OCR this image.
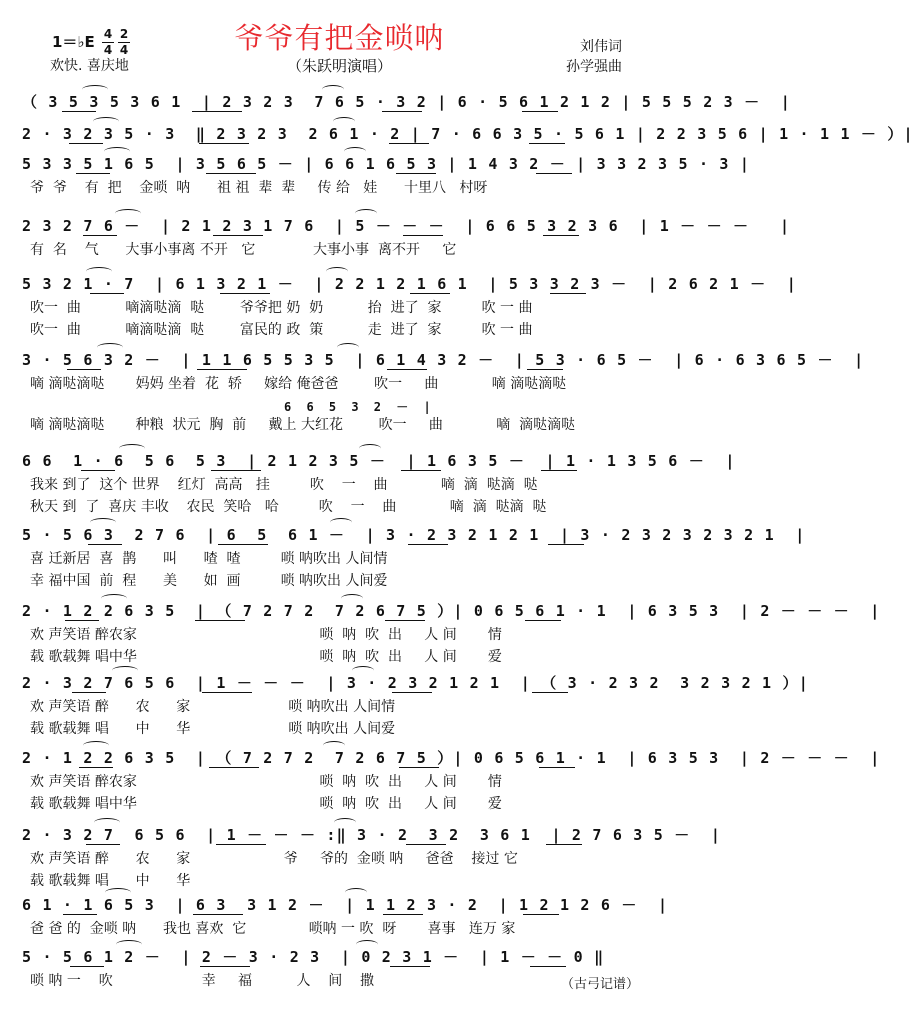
爷爷有把金唢呐
（朱跃明演唱）
刘伟词
孙学强曲
1＝♭E 4
4
2
4
欢快. 喜庆地
（ 3 5 3 5 3 6 1  | 2 3 2 3  7 6 5 · 3 2 | 6 · 5 6 1 2 1 2 | 5 5 5 2 3 －  |
2 · 3 2 3 5 · 3  ‖ 2 3 2 3  2 6 1 · 2 | 7 · 6 6 3 5 · 5 6 1 | 2 2 3 5 6 | 1 · 1 1 － ）|
5 3 3 5 1 6 5  | 3 5 6 5 － | 6 6 1 6 5 3 | 1 4 3 2 － | 3 3 2 3 5 · 3 |
爷  爷    有  把    金唢  呐      祖 祖  辈  辈     传 给   娃      十里八   村呀
2 3 2 7 6 －  | 2 1 2 3 1 7 6  | 5 － － －  | 6 6 5 3 2 3 6  | 1 － － －   |
有  名    气      大事小事离 不开   它             大事小事  离不开     它
5 3 2 1 · 7  | 6 1 3 2 1 －  | 2 2 1 2 1 6 1  | 5 3 3 2 3 －  | 2 6 2 1 －  |
吹一  曲          嘀滴哒滴  哒        爷爷把 奶  奶          抬  进了  家         吹 一 曲
吹一  曲          嘀滴哒滴  哒        富民的 政  策          走  进了  家         吹 一 曲
3 · 5 6 3 2 －  | 1 1 6 5 5 3 5  | 6 1 4 3 2 －  | 5 3 · 6 5 －  | 6 · 6 3 6 5 －  |
嘀 滴哒滴哒       妈妈 坐着  花  轿     嫁给 俺爸爸        吹一     曲            嘀 滴哒滴哒
6 6 5 3 2 － |
嘀 滴哒滴哒       种粮  状元  胸  前     戴上 大红花        吹一     曲            嘀  滴哒滴哒
6 6  1 · 6  5 6  5 3  | 2 1 2 3 5 －  | 1 6 3 5 －  | 1 · 1 3 5 6 －  |
我来 到了  这个 世界    红灯  高高   挂         吹    一    曲            嘀  滴  哒滴  哒
秋天 到  了  喜庆 丰收    农民  笑哈   哈         吹    一    曲            嘀  滴  哒滴  哒
5 · 5 6 3  2 7 6  | 6  5  6 1 －  | 3 · 2 3 2 1 2 1  | 3 · 2 3 2 3 2 3 2 1  |
喜 迁新居  喜  鹊      叫      喳  喳         唢 呐吹出 人间情
幸 福中国  前  程      美      如  画         唢 呐吹出 人间爱
2 · 1 2 2 6 3 5  | （ 7 2 7 2  7 2 6 7 5 ）| 0 6 5 6 1 · 1  | 6 3 5 3  | 2 － － －  |
欢 声笑语 醉农家                                         唢  呐  吹  出     人 间       情
载 歌载舞 唱中华                                         唢  呐  吹  出     人 间       爱
2 · 3 2 7 6 5 6  | 1 － － －  | 3 · 2 3 2 1 2 1  | （ 3 · 2 3 2  3 2 3 2 1 ）|
欢 声笑语 醉      农      家                      唢 呐吹出 人间情
载 歌载舞 唱      中      华                      唢 呐吹出 人间爱
2 · 1 2 2 6 3 5  | （ 7 2 7 2  7 2 6 7 5 ）| 0 6 5 6 1 · 1  | 6 3 5 3  | 2 － － －  |
欢 声笑语 醉农家                                         唢  呐  吹  出     人 间       情
载 歌载舞 唱中华                                         唢  呐  吹  出     人 间       爱
2 · 3 2 7  6 5 6  | 1 － － － :‖ 3 · 2  3 2  3 6 1  | 2 7 6 3 5 －  |
欢 声笑语 醉      农      家                     爷     爷的  金唢 呐     爸爸    接过 它
载 歌载舞 唱      中      华
6 1 · 1 6 5 3  | 6 3  3 1 2 －  | 1 1 2 3 · 2  | 1 2 1 2 6 －  |
爸 爸 的  金唢 呐      我也 喜欢  它              唢呐 一 吹  呀       喜事   连万 家
5 · 5 6 1 2 －  | 2 － 3 · 2 3  | 0 2 3 1 －  | 1 － － 0 ‖
唢 呐 一    吹                    幸     福          人    间    撒	（古弓记谱）
